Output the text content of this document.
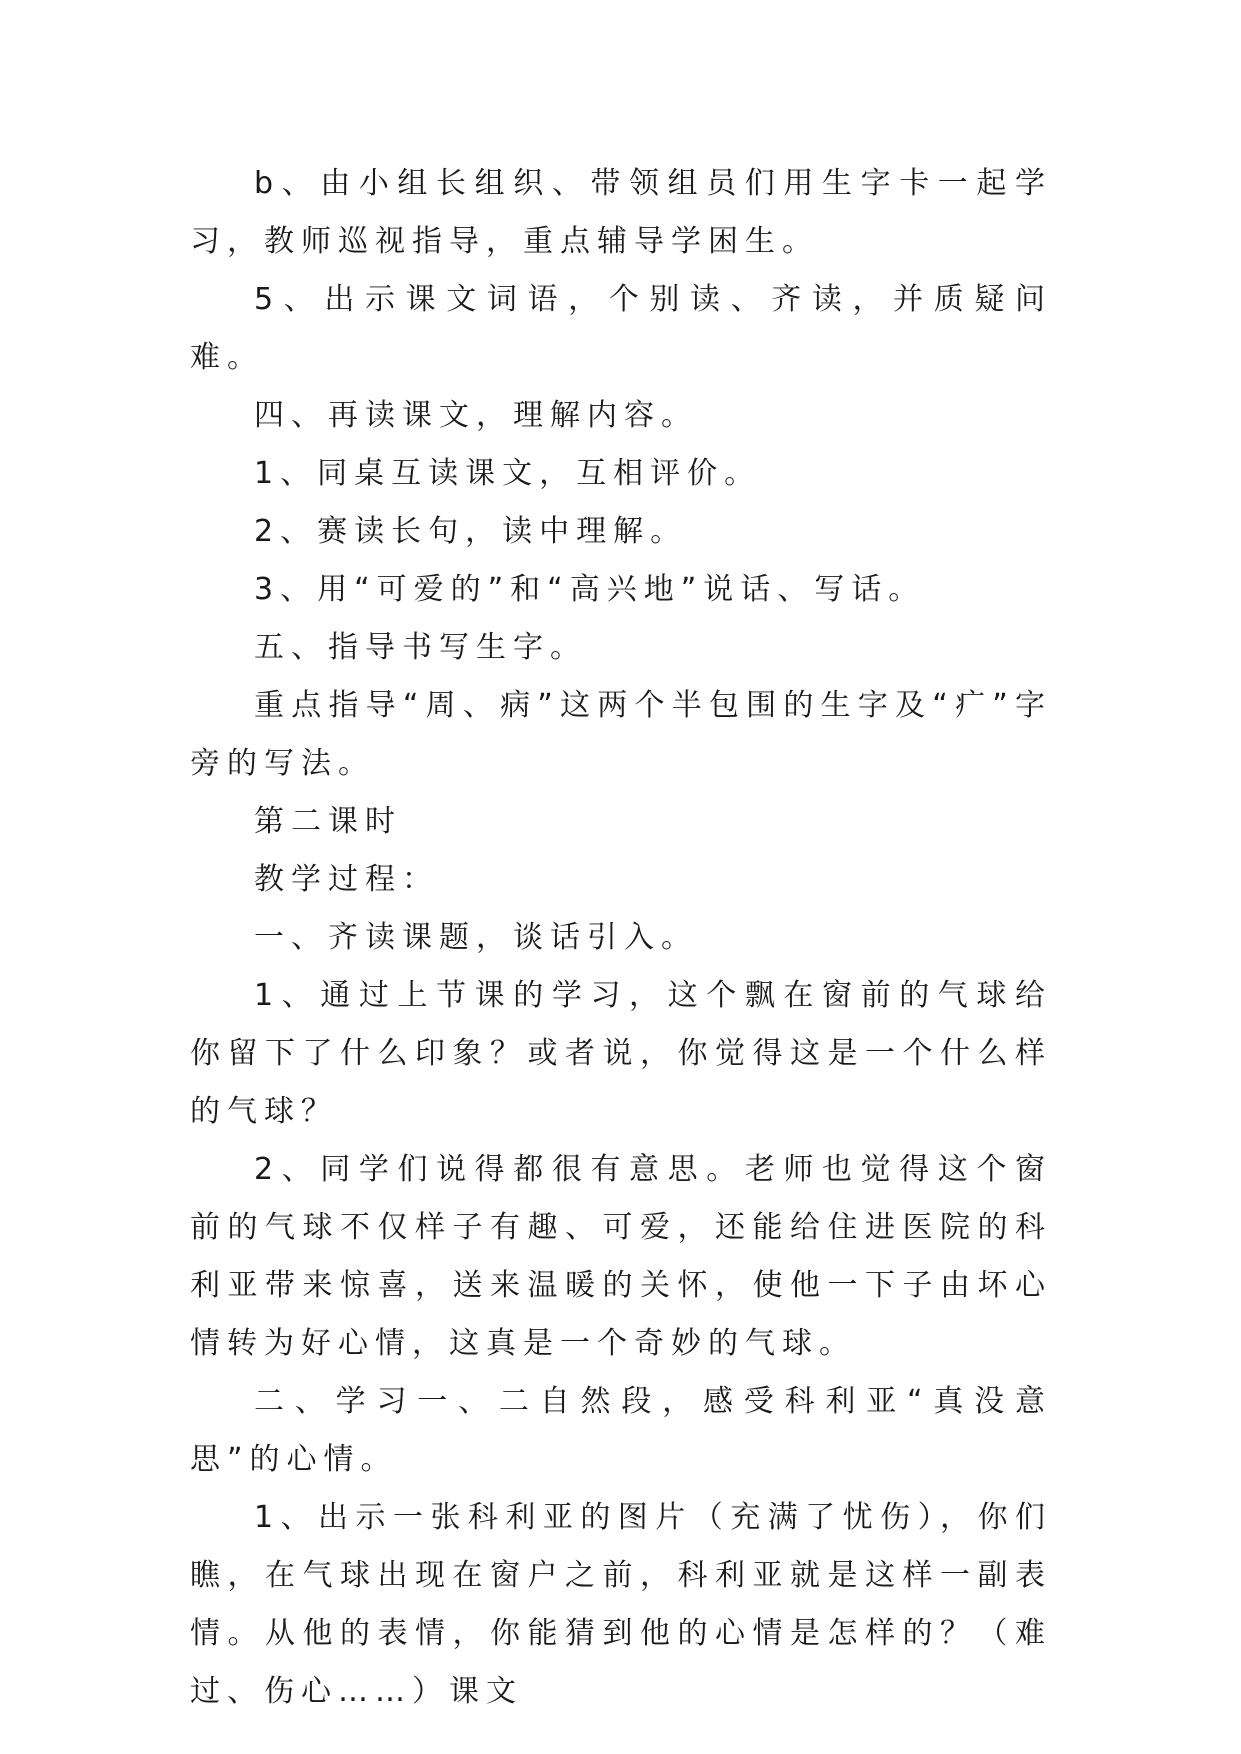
b、由小组长组织、带领组员们用生字卡一起学习，教师巡视指导，重点辅导学困生。

5、出示课文词语，个别读、齐读，并质疑问难。

四、再读课文，理解内容。

1、同桌互读课文，互相评价。

2、赛读长句，读中理解。

3、用“可爱的”和“高兴地”说话、写话。

五、指导书写生字。

重点指导“周、病”这两个半包围的生字及“疒”字旁的写法。

第二课时

教学过程：

一、齐读课题，谈话引入。

1、通过上节课的学习，这个飘在窗前的气球给你留下了什么印象？或者说，你觉得这是一个什么样的气球？

2、同学们说得都很有意思。老师也觉得这个窗前的气球不仅样子有趣、可爱，还能给住进医院的科利亚带来惊喜，送来温暖的关怀，使他一下子由坏心情转为好心情，这真是一个奇妙的气球。

二、学习一、二自然段，感受科利亚“真没意思”的心情。

1、出示一张科利亚的图片（充满了忧伤），你们瞧，在气球出现在窗户之前，科利亚就是这样一副表情。从他的表情，你能猜到他的心情是怎样的？（难过、伤心……）课文
